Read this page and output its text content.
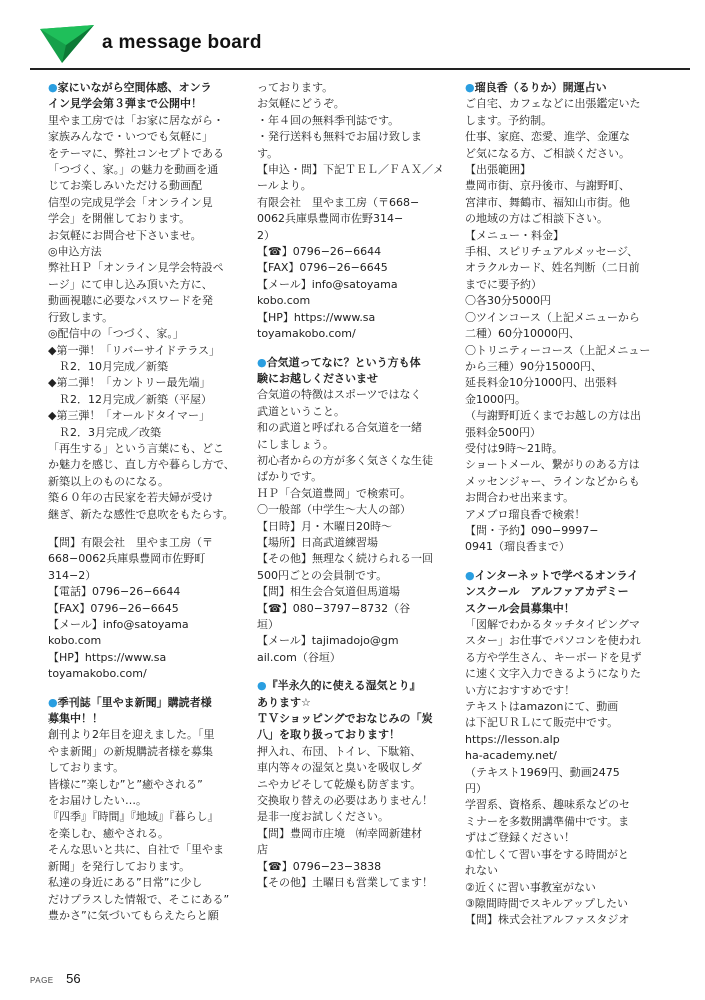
a message board
●家にいながら空間体感、オンラ
イン見学会第３弾まで公開中！
里やま工房では「お家に居ながら・
家族みんなで・いつでも気軽に」
をテーマに、弊社コンセプトである
「つづく、家。」の魅力を動画を通
じてお楽しみいただける動画配
信型の完成見学会「オンライン見
学会」を開催しております。
お気軽にお問合せ下さいませ。
◎申込方法
弊社ＨＰ「オンライン見学会特設ペ
ージ」にて申し込み頂いた方に、
動画視聴に必要なパスワードを発
行致します。
◎配信中の「つづく、家。」
◆第一弾！「リバーサイドテラス」
　Ｒ2．10月完成／新築
◆第二弾！「カントリー最先端」
　Ｒ2．12月完成／新築（平屋）
◆第三弾！「オールドタイマー」
　Ｒ2．3月完成／改築
「再生する」という言葉にも、どこ
か魅力を感じ、直し方や暮らし方で、
新築以上のものになる。
築６０年の古民家を若夫婦が受け
継ぎ、新たな感性で息吹をもたらす。
【問】有限会社　里やま工房（〒
668−0062兵庫県豊岡市佐野町
314−2）
【電話】0796−26−6644
【FAX】0796−26−6645
【メール】info@satoyama
kobo.com
【HP】https://www.sa
toyamakobo.com/
●季刊誌「里やま新聞」購読者様
募集中！！
創刊より2年目を迎えました。「里
やま新聞」の新規購読者様を募集
しております。
皆様に”楽しむ”と”癒やされる”
をお届けしたい…。
『四季』『時間』『地域』『暮らし』
を楽しむ、癒やされる。
そんな思いと共に、自社で「里やま
新聞」を発行しております。
私達の身近にある”日常”に少し
だけプラスした情報で、そこにある”
豊かさ”に気づいてもらえたらと願
っております。
お気軽にどうぞ。
・年４回の無料季刊誌です。
・発行送料も無料でお届け致しま
す。
【申込・問】下記ＴＥＬ／ＦＡＸ／メ
ールより。
有限会社　里やま工房（〒668−
0062兵庫県豊岡市佐野314−
2）
【☎】0796−26−6644
【FAX】0796−26−6645
【メール】info@satoyama
kobo.com
【HP】https://www.sa
toyamakobo.com/
●合気道ってなに？という方も体
験にお越しくださいませ
合気道の特徴はスポーツではなく
武道ということ。
和の武道と呼ばれる合気道を一緒
にしましょう。
初心者からの方が多く気さくな生徒
ばかりです。
ＨＰ「合気道豊岡」で検索可。
〇一般部（中学生〜大人の部）
【日時】月・木曜日20時〜
【場所】日高武道練習場
【その他】無理なく続けられる一回
500円ごとの会員制です。
【問】相生会合気道但馬道場
【☎】080−3797−8732（谷
垣）
【メール】tajimadojo@gm
ail.com（谷垣）
●『半永久的に使える湿気とり』
あります☆
ＴＶショッピングでおなじみの「炭
八」を取り扱っております！
押入れ、布団、トイレ、下駄箱、
車内等々の湿気と臭いを吸収しダ
ニやカビそして乾燥も防ぎます。
交換取り替えの必要はありません！
是非一度お試しください。
【問】豊岡市庄境　㈲幸岡新建材
店
【☎】0796−23−3838
【その他】土曜日も営業してます！
●瑠良香（るりか）開運占い
ご自宅、カフェなどに出張鑑定いた
します。予約制。
仕事、家庭、恋愛、進学、金運な
ど気になる方、ご相談ください。
【出張範囲】
豊岡市街、京丹後市、与謝野町、
宮津市、舞鶴市、福知山市街。他
の地域の方はご相談下さい。
【メニュー・料金】
手相、スピリチュアルメッセージ、
オラクルカード、姓名判断（二日前
までに要予約）
〇各30分5000円
〇ツインコース（上記メニューから
二種）60分10000円、
〇トリニティーコース（上記メニュー
から三種）90分15000円、
延長料金10分1000円、出張料
金1000円。
（与謝野町近くまでお越しの方は出
張料金500円）
受付は9時〜21時。
ショートメール、繋がりのある方は
メッセンジャー、ラインなどからも
お問合わせ出来ます。
アメブロ瑠良香で検索！
【問・予約】090−9997−
0941（瑠良香まで）
●インターネットで学べるオンライ
ンスクール　アルファアカデミー
スクール会員募集中！
「図解でわかるタッチタイピングマ
スター」お仕事でパソコンを使われ
る方や学生さん、キーボードを見ず
に速く文字入力できるようになりた
い方におすすめです！
テキストはamazonにて、動画
は下記ＵＲＬにて販売中です。
https://lesson.alp
ha-academy.net/
（テキスト1969円、動画2475
円）
学習系、資格系、趣味系などのセ
ミナーを多数開講準備中です。ま
ずはご登録ください！
①忙しくて習い事をする時間がと
れない
②近くに習い事教室がない
③隙間時間でスキルアップしたい
【問】株式会社アルファスタジオ
PAGE 56
